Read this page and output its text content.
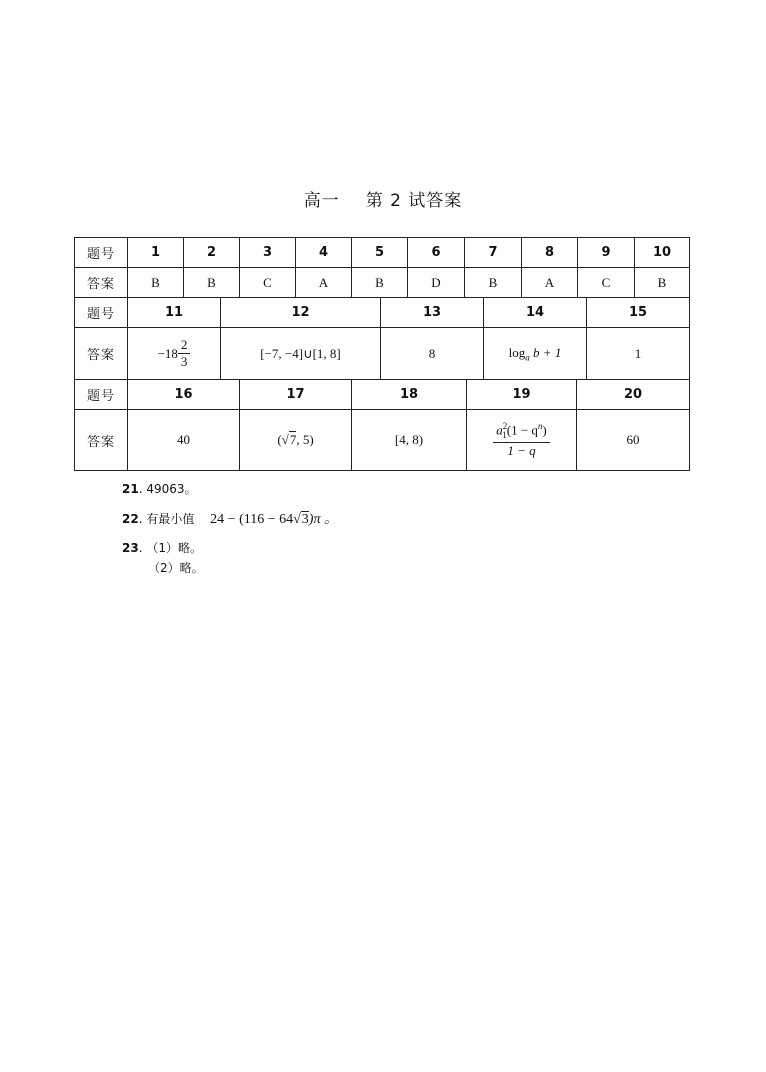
高一 第 2 试答案
题号	1	2	3	4	5	6	7	8	9	10
答案	B	B	C	A	B	D	B	A	C	B
题号	11	12	13	14	15
答案	$-18 \frac{2}{3}$	[−7, −4]∪[1, 8]	8	$\log_a b + 1$	1
题号	16	17	18	19	20
答案	40	(√7, 5)	[4, 8)	$\frac{a^2_1(1 - q^n)}{1 - q}$	60
21. 49063。
22. 有最小值 24 − (116 − 64√3)π 。
23. （1）略。
（2）略。
